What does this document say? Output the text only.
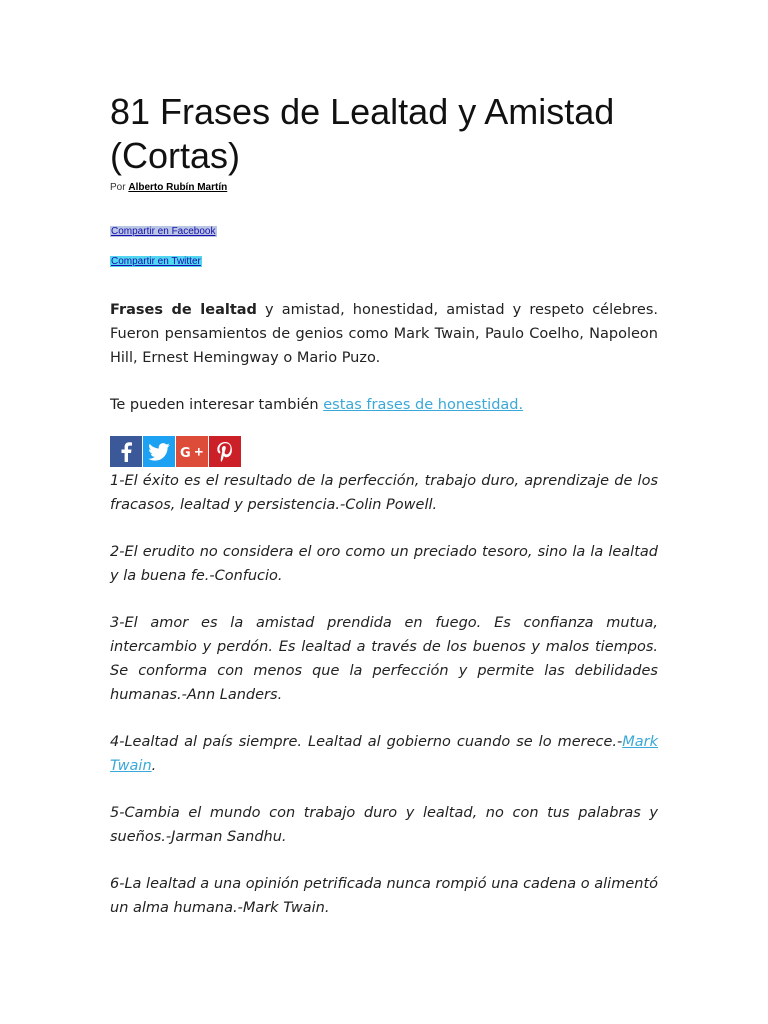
81 Frases de Lealtad y Amistad (Cortas)
Por Alberto Rubín Martín
Compartir en Facebook
Compartir en Twitter
Frases de lealtad y amistad, honestidad, amistad y respeto célebres. Fueron pensamientos de genios como Mark Twain, Paulo Coelho, Napoleon Hill, Ernest Hemingway o Mario Puzo.
Te pueden interesar también estas frases de honestidad.
G

1-El éxito es el resultado de la perfección, trabajo duro, aprendizaje de los fracasos, lealtad y persistencia.-Colin Powell.

2-El erudito no considera el oro como un preciado tesoro, sino la la lealtad y la buena fe.-Confucio.

3-El amor es la amistad prendida en fuego. Es confianza mutua, intercambio y perdón. Es lealtad a través de los buenos y malos tiempos. Se conforma con menos que la perfección y permite las debilidades humanas.-Ann Landers.

4-Lealtad al país siempre. Lealtad al gobierno cuando se lo merece.-Mark Twain.

5-Cambia el mundo con trabajo duro y lealtad, no con tus palabras y sueños.-Jarman Sandhu.

6-La lealtad a una opinión petrificada nunca rompió una cadena o alimentó un alma humana.-Mark Twain.
